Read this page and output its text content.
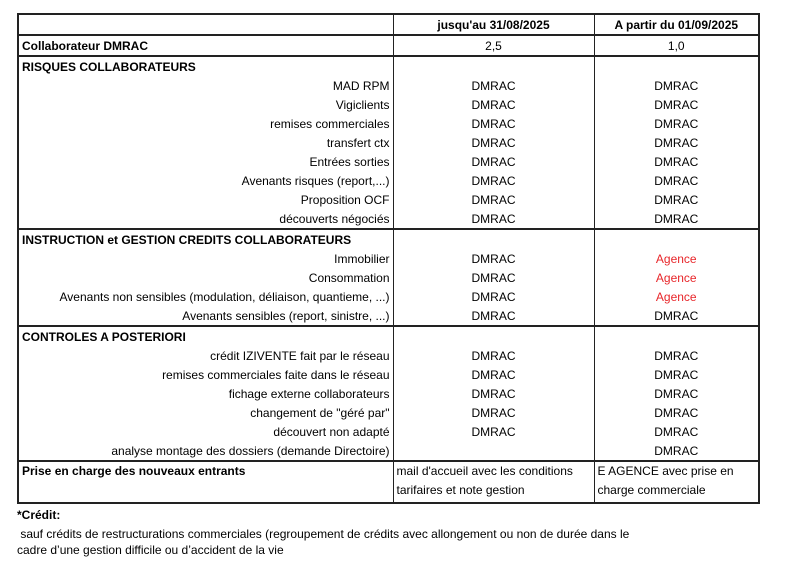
	jusqu'au 31/08/2025	A partir du 01/09/2025
Collaborateur DMRAC	2,5	1,0
RISQUES COLLABORATEURS		
MAD RPM	DMRAC	DMRAC
Vigiclients	DMRAC	DMRAC
remises commerciales	DMRAC	DMRAC
transfert ctx	DMRAC	DMRAC
Entrées sorties	DMRAC	DMRAC
Avenants risques (report,...)	DMRAC	DMRAC
Proposition OCF	DMRAC	DMRAC
découverts négociés	DMRAC	DMRAC
INSTRUCTION et GESTION CREDITS COLLABORATEURS		
Immobilier	DMRAC	Agence
Consommation	DMRAC	Agence
Avenants non sensibles (modulation, déliaison, quantieme, ...)	DMRAC	Agence
Avenants sensibles (report, sinistre, ...)	DMRAC	DMRAC
CONTROLES A POSTERIORI		
crédit IZIVENTE fait par le réseau	DMRAC	DMRAC
remises commerciales faite dans le réseau	DMRAC	DMRAC
fichage externe collaborateurs	DMRAC	DMRAC
changement de "géré par"	DMRAC	DMRAC
découvert non adapté	DMRAC	DMRAC
analyse montage des dossiers (demande Directoire)		DMRAC
Prise en charge des nouveaux entrants	mail d'accueil avec les conditions tarifaires et note gestion	E AGENCE avec prise en charge commerciale
*Crédit:
sauf crédits de restructurations commerciales (regroupement de crédits avec allongement ou non de durée dans le
cadre d’une gestion difficile ou d’accident de la vie
